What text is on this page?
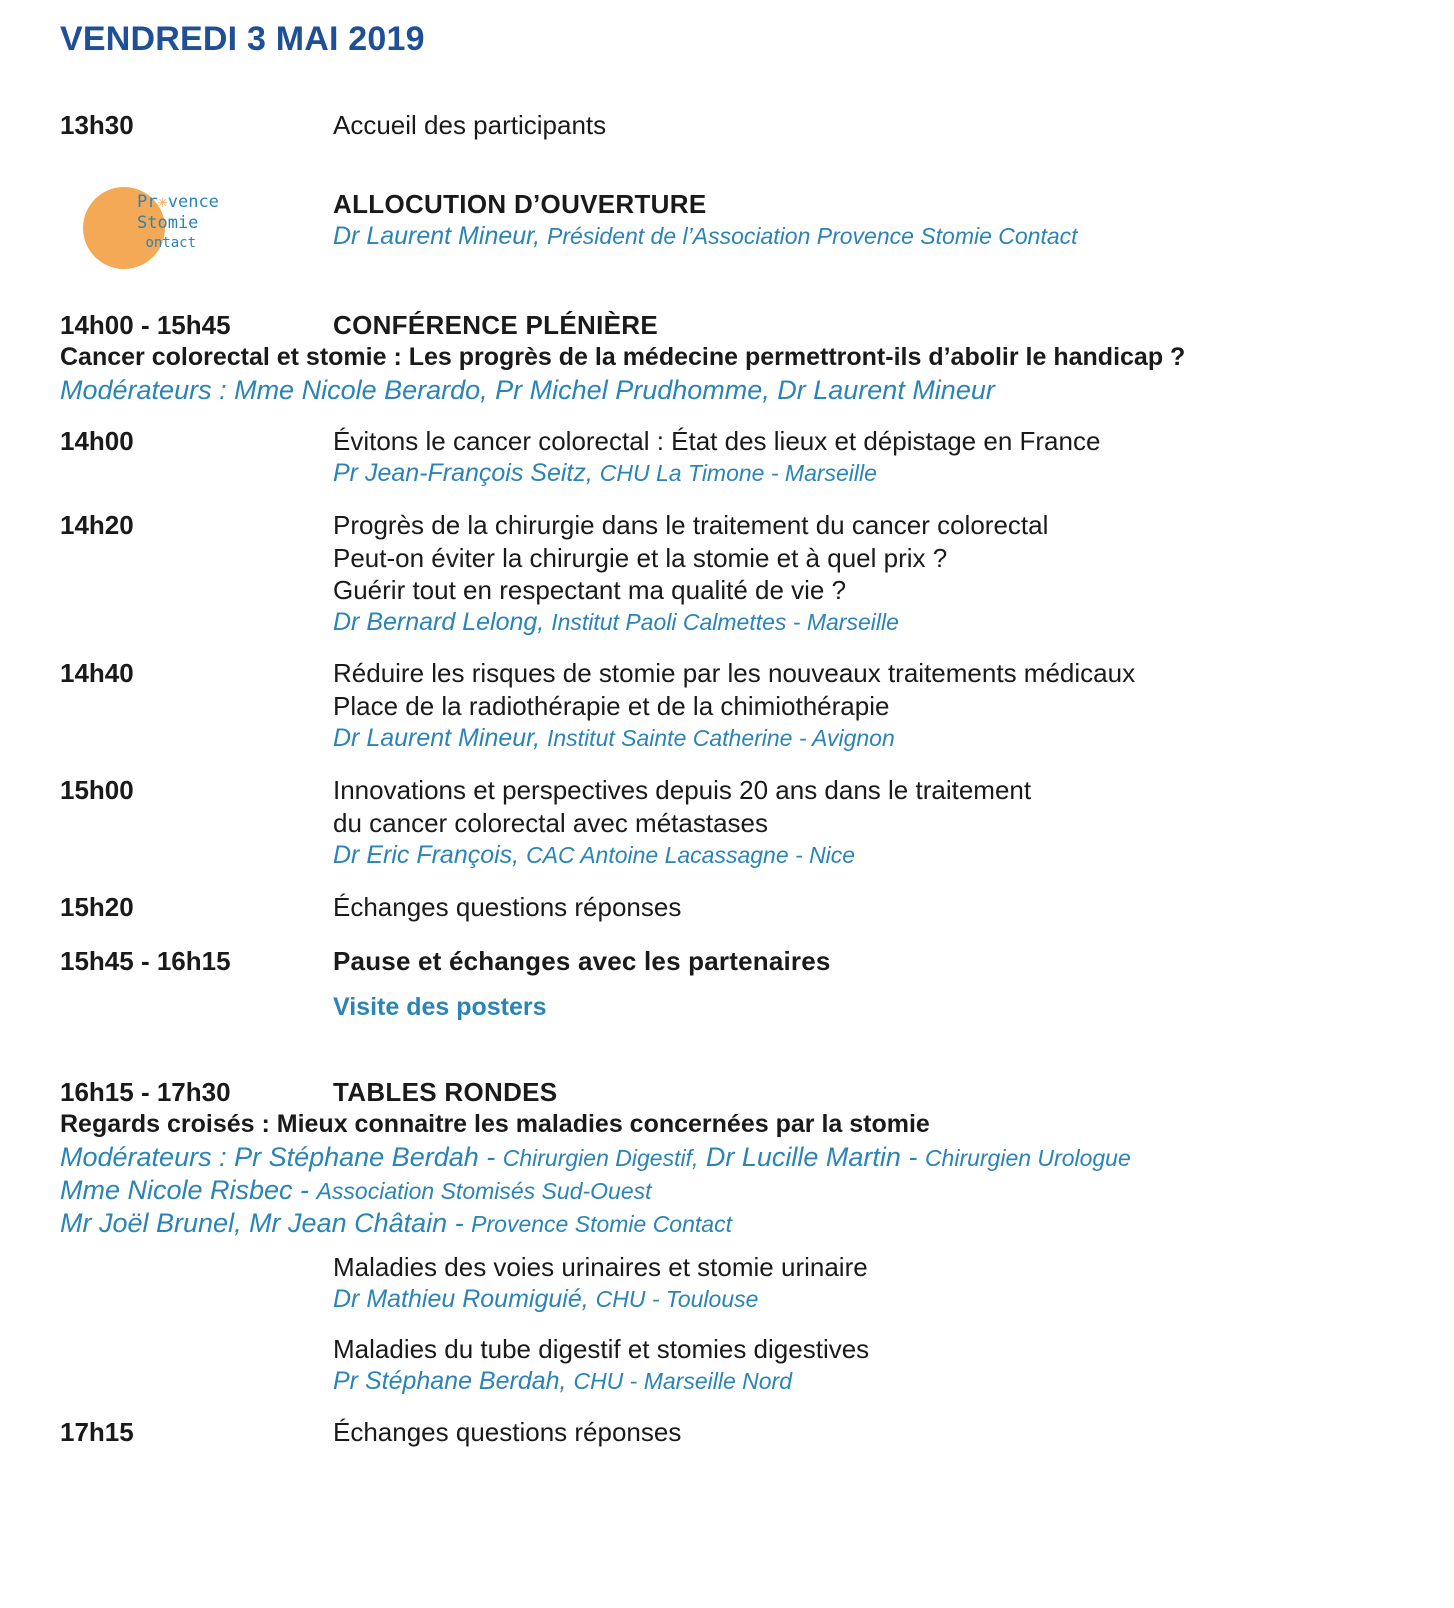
VENDREDI 3 MAI 2019
13h30	Accueil des participants
Pr✳vence
Stomie
Contact
ALLOCUTION D’OUVERTURE
Dr Laurent Mineur, Président de l’Association Provence Stomie Contact
14h00 - 15h45	CONFÉRENCE PLÉNIÈRE
Cancer colorectal et stomie : Les progrès de la médecine permettront-ils d’abolir le handicap ?
Modérateurs : Mme Nicole Berardo, Pr Michel Prudhomme, Dr Laurent Mineur
14h00	Évitons le cancer colorectal : État des lieux et dépistage en France
Pr Jean-François Seitz, CHU La Timone - Marseille
14h20	Progrès de la chirurgie dans le traitement du cancer colorectal
Peut-on éviter la chirurgie et la stomie et à quel prix ?
Guérir tout en respectant ma qualité de vie ?
Dr Bernard Lelong, Institut Paoli Calmettes - Marseille
14h40	Réduire les risques de stomie par les nouveaux traitements médicaux
Place de la radiothérapie et de la chimiothérapie
Dr Laurent Mineur, Institut Sainte Catherine - Avignon
15h00	Innovations et perspectives depuis 20 ans dans le traitement
du cancer colorectal avec métastases
Dr Eric François, CAC Antoine Lacassagne - Nice
15h20	Échanges questions réponses
15h45 - 16h15	Pause et échanges avec les partenaires
Visite des posters
16h15 - 17h30	TABLES RONDES
Regards croisés : Mieux connaitre les maladies concernées par la stomie
Modérateurs : Pr Stéphane Berdah - Chirurgien Digestif, Dr Lucille Martin - Chirurgien Urologue
Mme Nicole Risbec - Association Stomisés Sud-Ouest
Mr Joël Brunel, Mr Jean Châtain - Provence Stomie Contact
Maladies des voies urinaires et stomie urinaire
Dr Mathieu Roumiguié, CHU - Toulouse
Maladies du tube digestif et stomies digestives
Pr Stéphane Berdah, CHU - Marseille Nord
17h15	Échanges questions réponses
